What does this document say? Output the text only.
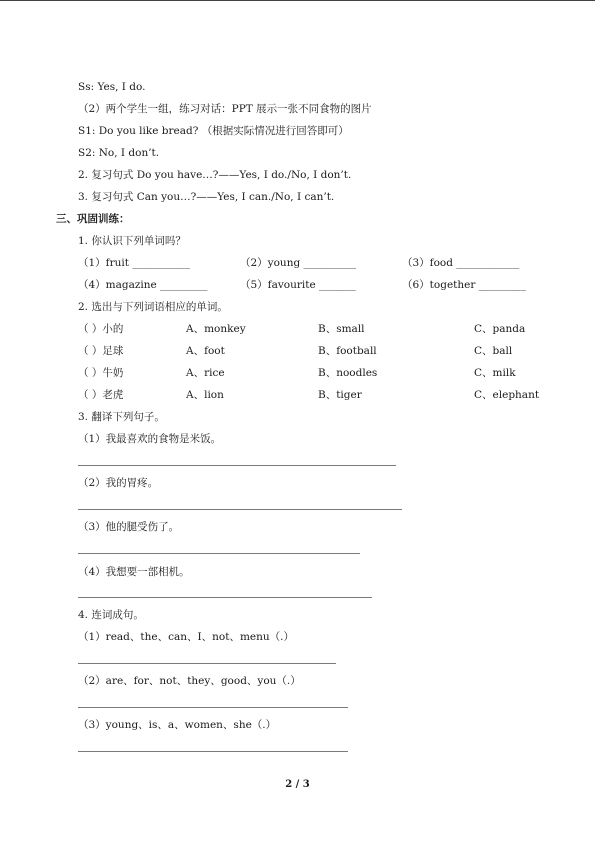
Ss: Yes, I do.
（2）两个学生一组，练习对话：PPT 展示一张不同食物的图片
S1: Do you like bread? （根据实际情况进行回答即可）
S2: No, I don’t.
2. 复习句式 Do you have…?——Yes, I do./No, I don’t.
3. 复习句式 Can you…?——Yes, I can./No, I can’t.
三、巩固训练：
1. 你认识下列单词吗？
（1）fruit ___________	（2）young __________	（3）food ____________
（4）magazine _________	（5）favourite _______	（6）together _________
2. 选出与下列词语相应的单词。
（ ）小的	A、monkey	B、small	C、panda
（ ）足球	A、foot	B、football	C、ball
（ ）牛奶	A、rice	B、noodles	C、milk
（ ）老虎	A、lion	B、tiger	C、elephant
3. 翻译下列句子。
（1）我最喜欢的食物是米饭。
（2）我的胃疼。
（3）他的腿受伤了。
（4）我想要一部相机。
4. 连词成句。
（1）read、the、can、I、not、menu（.）
（2）are、for、not、they、good、you（.）
（3）young、is、a、women、she（.）
2 / 3
